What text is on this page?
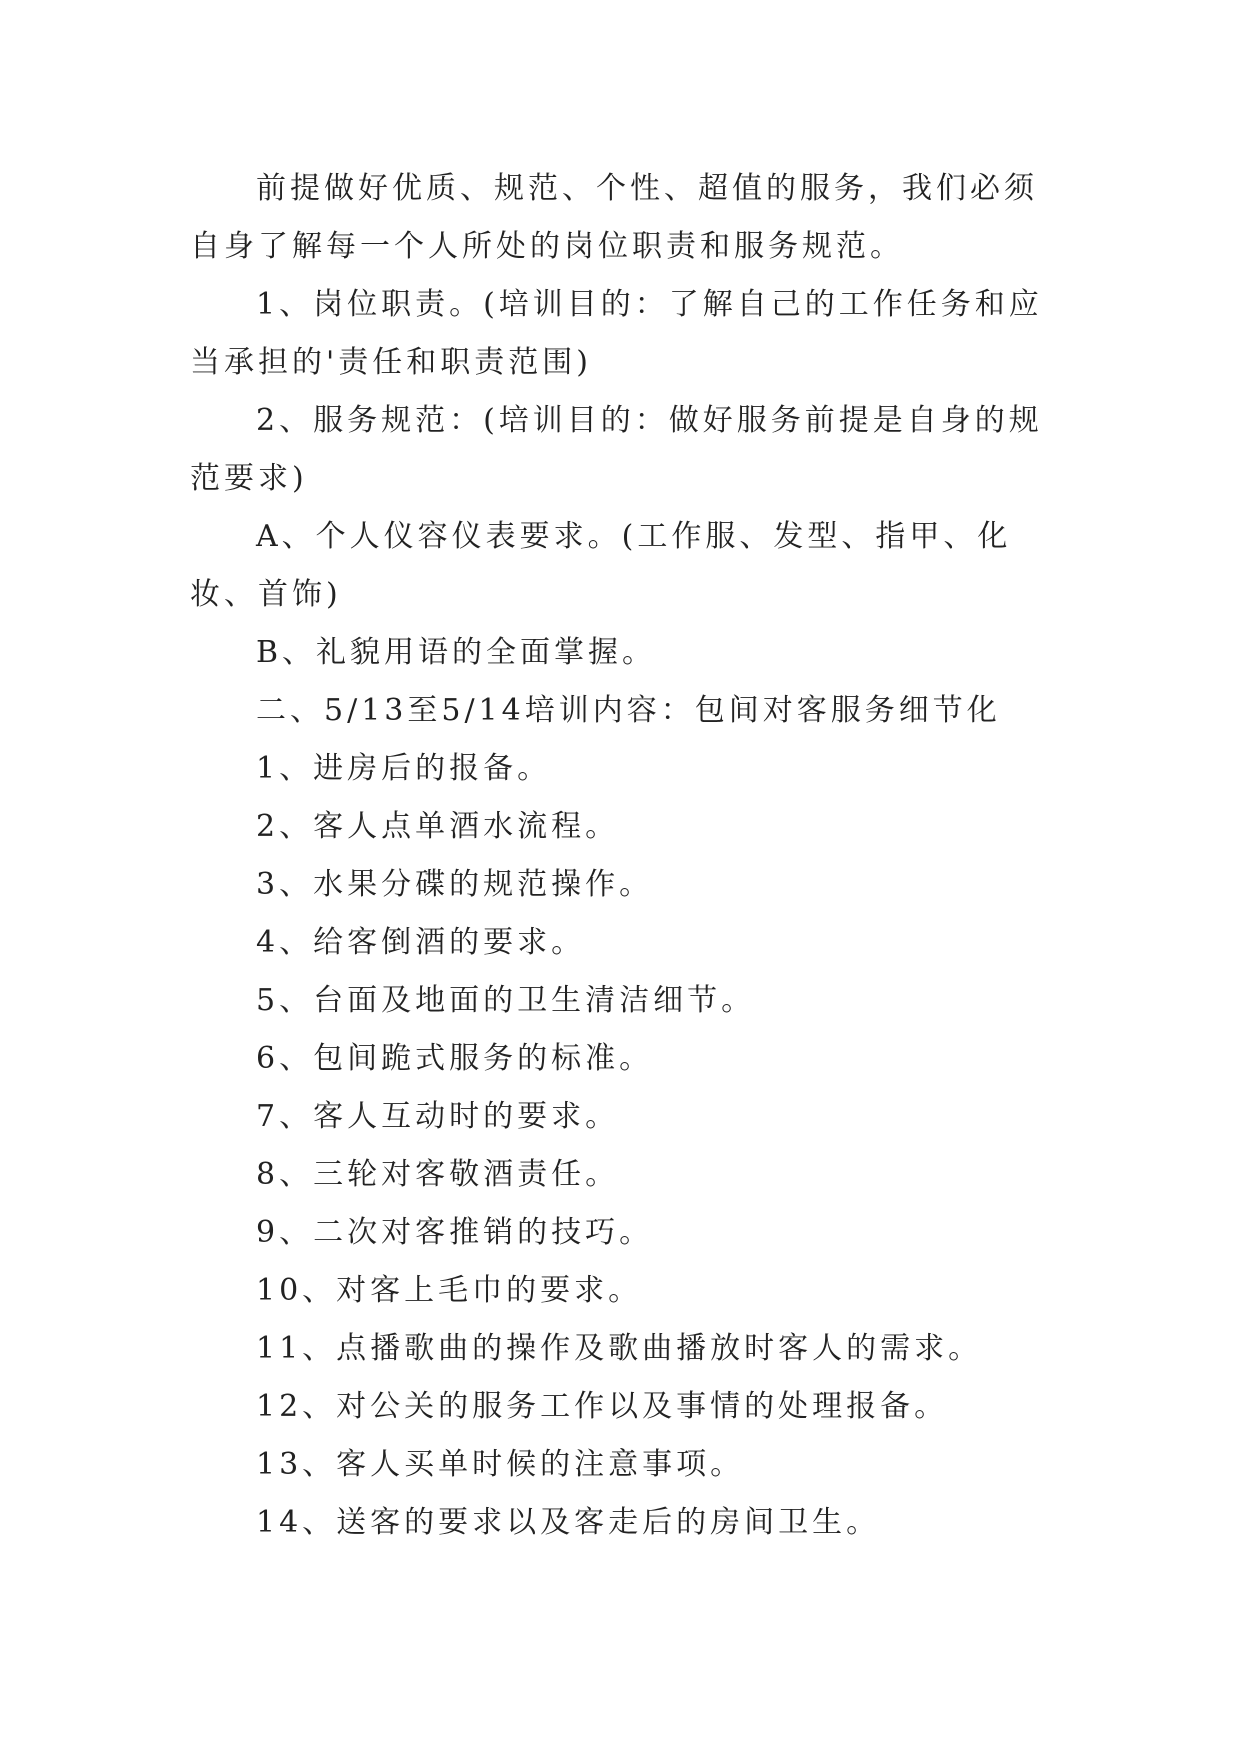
前提做好优质、规范、个性、超值的服务，我们必须自身了解每一个人所处的岗位职责和服务规范。

1、岗位职责。(培训目的：了解自己的工作任务和应当承担的'责任和职责范围)

2、服务规范：(培训目的：做好服务前提是自身的规范要求)

A、个人仪容仪表要求。(工作服、发型、指甲、化妆、首饰)

B、礼貌用语的全面掌握。

二、5/13至5/14培训内容：包间对客服务细节化

1、进房后的报备。

2、客人点单酒水流程。

3、水果分碟的规范操作。

4、给客倒酒的要求。

5、台面及地面的卫生清洁细节。

6、包间跪式服务的标准。

7、客人互动时的要求。

8、三轮对客敬酒责任。

9、二次对客推销的技巧。

10、对客上毛巾的要求。

11、点播歌曲的操作及歌曲播放时客人的需求。

12、对公关的服务工作以及事情的处理报备。

13、客人买单时候的注意事项。

14、送客的要求以及客走后的房间卫生。
